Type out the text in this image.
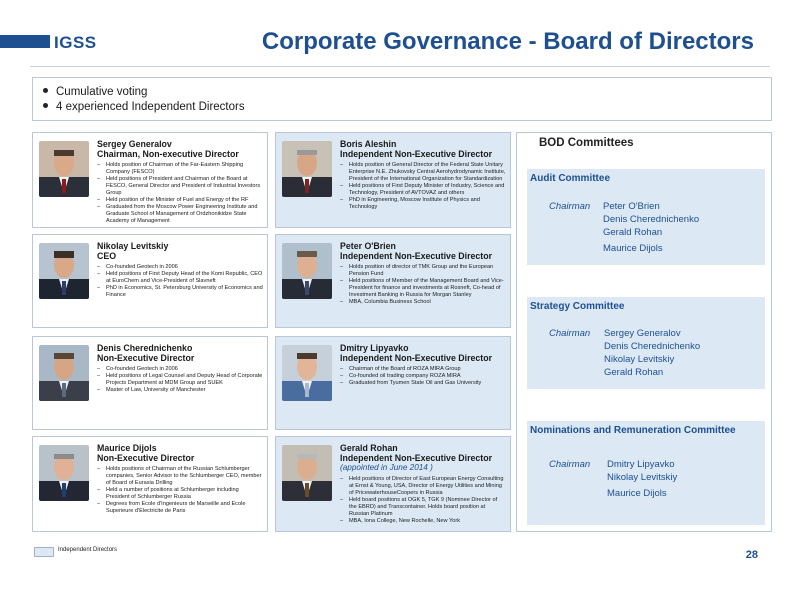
IGSS	Corporate Governance - Board of Directors
Cumulative voting
4 experienced Independent Directors
Sergey Generalov
Chairman, Non-executive Director
– Holds position of Chairman of the Far-Eastern Shipping Company (FESCO)
– Held positions of President and Chairman of the Board at FESCO, General Director and President of Industrial Investors Group
– Held position of the Minister of Fuel and Energy of the RF
– Graduated from the Moscow Power Engineering Institute and Graduate School of Management of Ordzhonikidze State Academy of Management
Nikolay Levitskiy
CEO
– Co-founded Geotech in 2006
– Held positions of First Deputy Head of the Komi Republic, CEO at EuroChem and Vice-President of Slavneft
– PhD in Economics, St. Petersburg University of Economics and Finance
Denis Cherednichenko
Non-Executive Director
– Co-founded Geotech in 2006
– Held positions of Legal Counsel and Deputy Head of Corporate Projects Department at MDM Group and SUEK
– Master of Law, University of Manchester
Maurice Dijols
Non-Executive Director
– Holds positions of Chairman of the Russian Schlumberger companies, Senior Advisor to the Schlumberger CEO, member of Board of Eurasia Drilling
– Held a number of positions at Schlumberger including President of Schlumberger Russia
– Degrees from Ecole d'Ingenieurs de Marseille and Ecole Superieure d'Electricite de Paris
Boris Aleshin
Independent Non-Executive Director
– Holds position of General Director of the Federal State Unitary Enterprise N.E. Zhukovsky Central Aerohydrodynamic Institute, President of the International Organization for Standardization
– Held positions of First Deputy Minister of Industry, Science and Technology, President of AVTOVAZ and others
– PhD in Engineering, Moscow Institute of Physics and Technology
Peter O'Brien
Independent Non-Executive Director
– Holds position of director of TMK Group and the European Pension Fund
– Held positions of Member of the Management Board and Vice-President for finance and investments at Rosneft, Co-head of Investment Banking in Russia for Morgan Stanley
– MBA, Columbia Business School
Dmitry Lipyavko
Independent Non-Executive Director
– Chairman of the Board of ROZA MIRA Group
– Co-founded oil trading company ROZA MIRA
– Graduated from Tyumen State Oil and Gas University
Gerald Rohan
Independent Non-Executive Director
(appointed in June 2014 )
– Held positions of Director of East European Energy Consulting at Ernst & Young, USA, Director of Energy Utilities and Mining of PricewaterhouseCoopers in Russia
– Held board positions at OGK 5, TGK 9 (Nominee Director of the EBRD) and Transcontainer. Holds board position at Russian Platinum
– MBA, Iona College, New Rochelle, New York
BOD Committees
Audit Committee
Chairman Peter O'Brien
Denis Cherednichenko
Gerald Rohan
Maurice Dijols
Strategy Committee
Chairman Sergey Generalov
Denis Cherednichenko
Nikolay Levitskiy
Gerald Rohan
Nominations and Remuneration Committee
Chairman Dmitry Lipyavko
Nikolay Levitskiy
Maurice Dijols
Independent Directors	28
